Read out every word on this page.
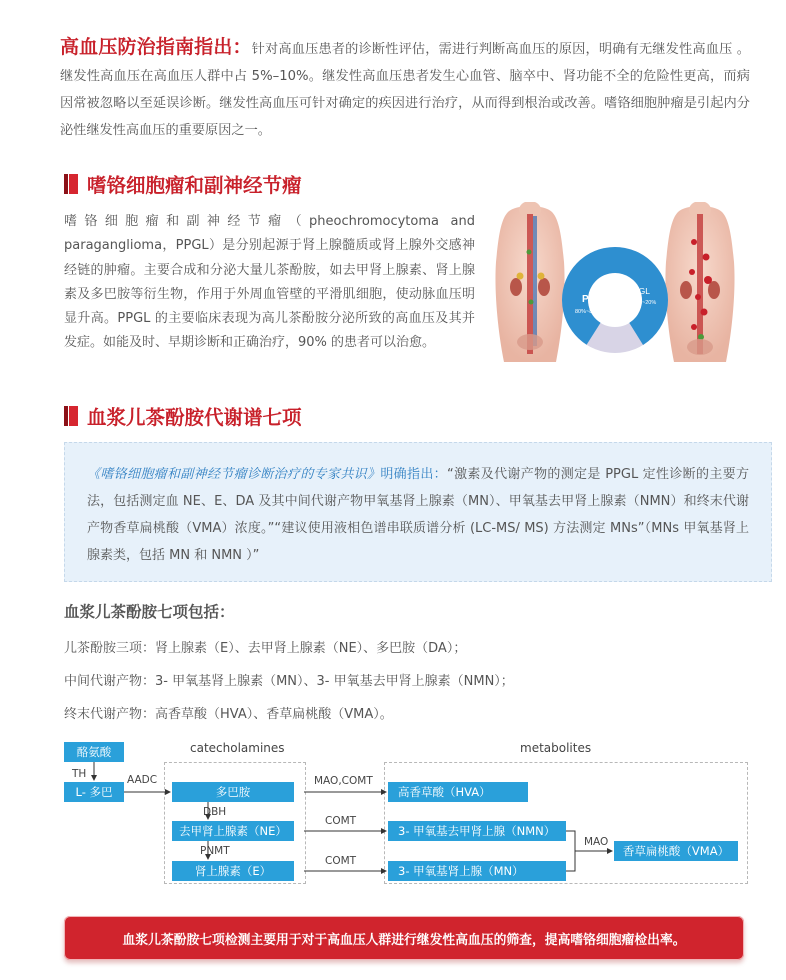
高血压防治指南指出：针对高血压患者的诊断性评估，需进行判断高血压的原因，明确有无继发性高血压 。继发性高血压在高血压人群中占 5%–10%。继发性高血压患者发生心血管、脑卒中、肾功能不全的危险性更高，而病因常被忽略以至延误诊断。继发性高血压可针对确定的疾因进行治疗，从而得到根治或改善。嗜铬细胞肿瘤是引起内分泌性继发性高血压的重要原因之一。
嗜铬细胞瘤和副神经节瘤
嗜铬细胞瘤和副神经节瘤（pheochromocytoma and paraganglioma，PPGL）是分别起源于肾上腺髓质或肾上腺外交感神经链的肿瘤。主要合成和分泌大量儿茶酚胺，如去甲肾上腺素、肾上腺素及多巴胺等衍生物，作用于外周血管壁的平滑肌细胞，使动脉血压明显升高。PPGL 的主要临床表现为高儿茶酚胺分泌所致的高血压及其并发症。如能及时、早期诊断和正确治疗，90% 的患者可以治愈。
PCC
80%~85%
PGL
15%~20%
血浆儿茶酚胺代谢谱七项
《嗜铬细胞瘤和副神经节瘤诊断治疗的专家共识》明确指出：“激素及代谢产物的测定是 PPGL 定性诊断的主要方法，包括测定血 NE、E、DA 及其中间代谢产物甲氧基肾上腺素（MN）、甲氧基去甲肾上腺素（NMN）和终末代谢产物香草扁桃酸（VMA）浓度。”“建议使用液相色谱串联质谱分析 (LC-MS/ MS) 方法测定 MNs”（MNs 甲氧基肾上腺素类，包括 MN 和 NMN ）”
血浆儿茶酚胺七项包括：
儿茶酚胺三项：肾上腺素（E）、去甲肾上腺素（NE）、多巴胺（DA）；
中间代谢产物：3- 甲氧基肾上腺素（MN）、3- 甲氧基去甲肾上腺素（NMN）；
终末代谢产物：高香草酸（HVA）、香草扁桃酸（VMA）。
catecholamines	metabolites
酪氨酸
TH
L- 多巴
AADC
多巴胺
DBH
去甲肾上腺素（NE）
PNMT
肾上腺素（E）
MAO,COMT
COMT
COMT
高香草酸（HVA）
3- 甲氧基去甲肾上腺（NMN）
3- 甲氧基肾上腺（MN）
MAO
香草扁桃酸（VMA）
血浆儿茶酚胺七项检测主要用于对于高血压人群进行继发性高血压的筛查，提高嗜铬细胞瘤检出率。
